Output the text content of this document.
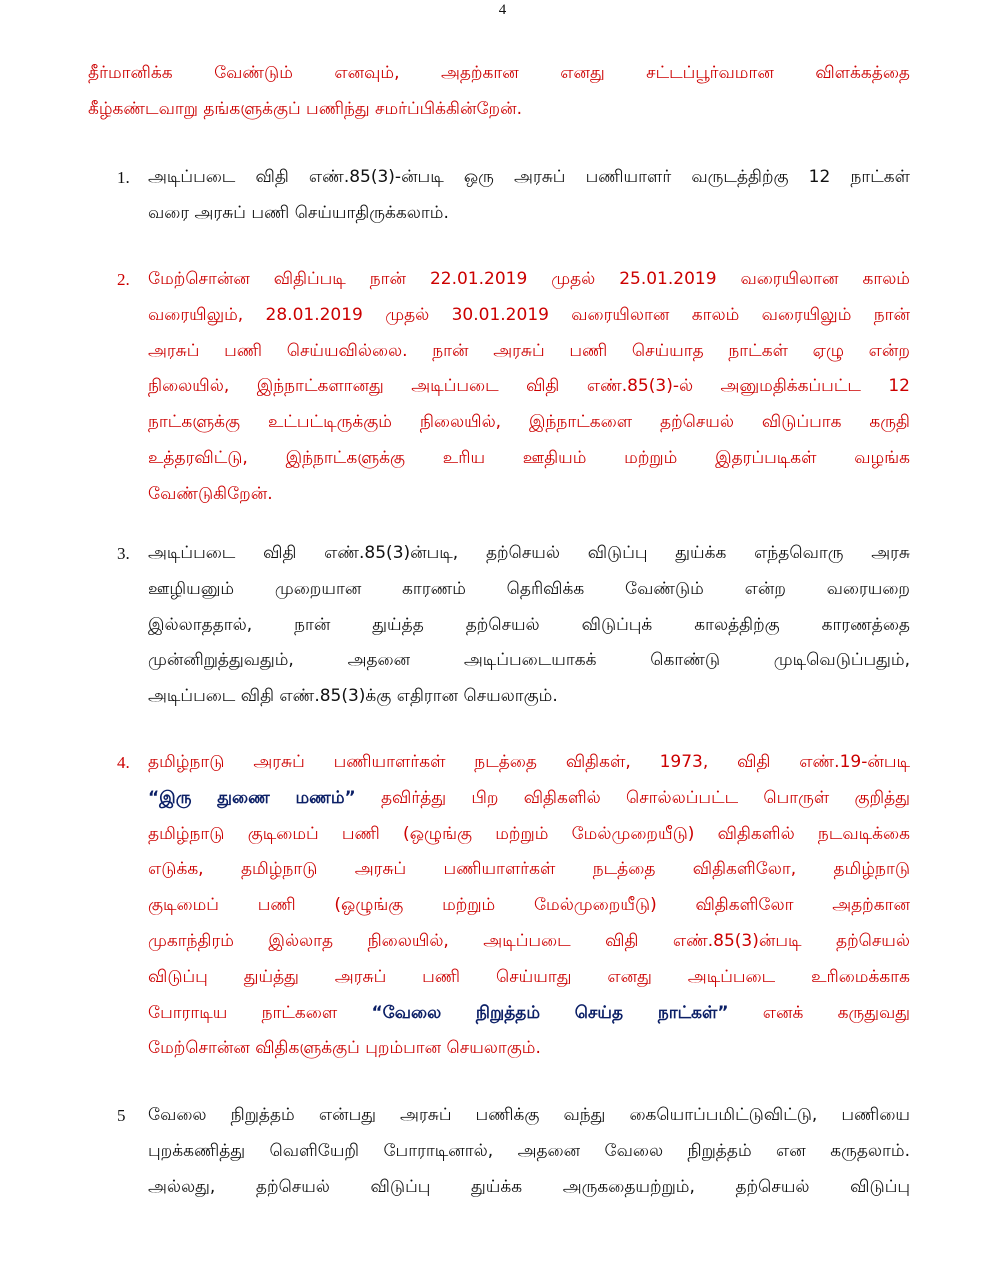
4
தீர்மானிக்க வேண்டும் எனவும், அதற்கான எனது சட்டப்பூர்வமான விளக்கத்தை
கீழ்கண்டவாறு தங்களுக்குப் பணிந்து சமர்ப்பிக்கின்றேன்.
1. அடிப்படை விதி எண்.85(3)-ன்படி ஒரு அரசுப் பணியாளர் வருடத்திற்கு 12 நாட்கள்
வரை அரசுப் பணி செய்யாதிருக்கலாம்.
2. மேற்சொன்ன விதிப்படி நான் 22.01.2019 முதல் 25.01.2019 வரையிலான காலம்
வரையிலும், 28.01.2019 முதல் 30.01.2019 வரையிலான காலம் வரையிலும் நான்
அரசுப் பணி செய்யவில்லை. நான் அரசுப் பணி செய்யாத நாட்கள் ஏழு என்ற
நிலையில், இந்நாட்களானது அடிப்படை விதி எண்.85(3)-ல் அனுமதிக்கப்பட்ட 12
நாட்களுக்கு உட்பட்டிருக்கும் நிலையில், இந்நாட்களை தற்செயல் விடுப்பாக கருதி
உத்தரவிட்டு, இந்நாட்களுக்கு உரிய ஊதியம் மற்றும் இதரப்படிகள் வழங்க
வேண்டுகிறேன்.
3. அடிப்படை விதி எண்.85(3)ன்படி, தற்செயல் விடுப்பு துய்க்க எந்தவொரு அரசு
ஊழியனும் முறையான காரணம் தெரிவிக்க வேண்டும் என்ற வரையறை
இல்லாததால், நான் துய்த்த தற்செயல் விடுப்புக் காலத்திற்கு காரணத்தை
முன்னிறுத்துவதும், அதனை அடிப்படையாகக் கொண்டு முடிவெடுப்பதும்,
அடிப்படை விதி எண்.85(3)க்கு எதிரான செயலாகும்.
4. தமிழ்நாடு அரசுப் பணியாளர்கள் நடத்தை விதிகள், 1973, விதி எண்.19-ன்படி
“இரு துணை மணம்” தவிர்த்து பிற விதிகளில் சொல்லப்பட்ட பொருள் குறித்து
தமிழ்நாடு குடிமைப் பணி (ஒழுங்கு மற்றும் மேல்முறையீடு) விதிகளில் நடவடிக்கை
எடுக்க, தமிழ்நாடு அரசுப் பணியாளர்கள் நடத்தை விதிகளிலோ, தமிழ்நாடு
குடிமைப் பணி (ஒழுங்கு மற்றும் மேல்முறையீடு) விதிகளிலோ அதற்கான
முகாந்திரம் இல்லாத நிலையில், அடிப்படை விதி எண்.85(3)ன்படி தற்செயல்
விடுப்பு துய்த்து அரசுப் பணி செய்யாது எனது அடிப்படை உரிமைக்காக
போராடிய நாட்களை “வேலை நிறுத்தம் செய்த நாட்கள்” எனக் கருதுவது
மேற்சொன்ன விதிகளுக்குப் புறம்பான செயலாகும்.
5 வேலை நிறுத்தம் என்பது அரசுப் பணிக்கு வந்து கையொப்பமிட்டுவிட்டு, பணியை
புறக்கணித்து வெளியேறி போராடினால், அதனை வேலை நிறுத்தம் என கருதலாம்.
அல்லது, தற்செயல் விடுப்பு துய்க்க அருகதையற்றும், தற்செயல் விடுப்பு
